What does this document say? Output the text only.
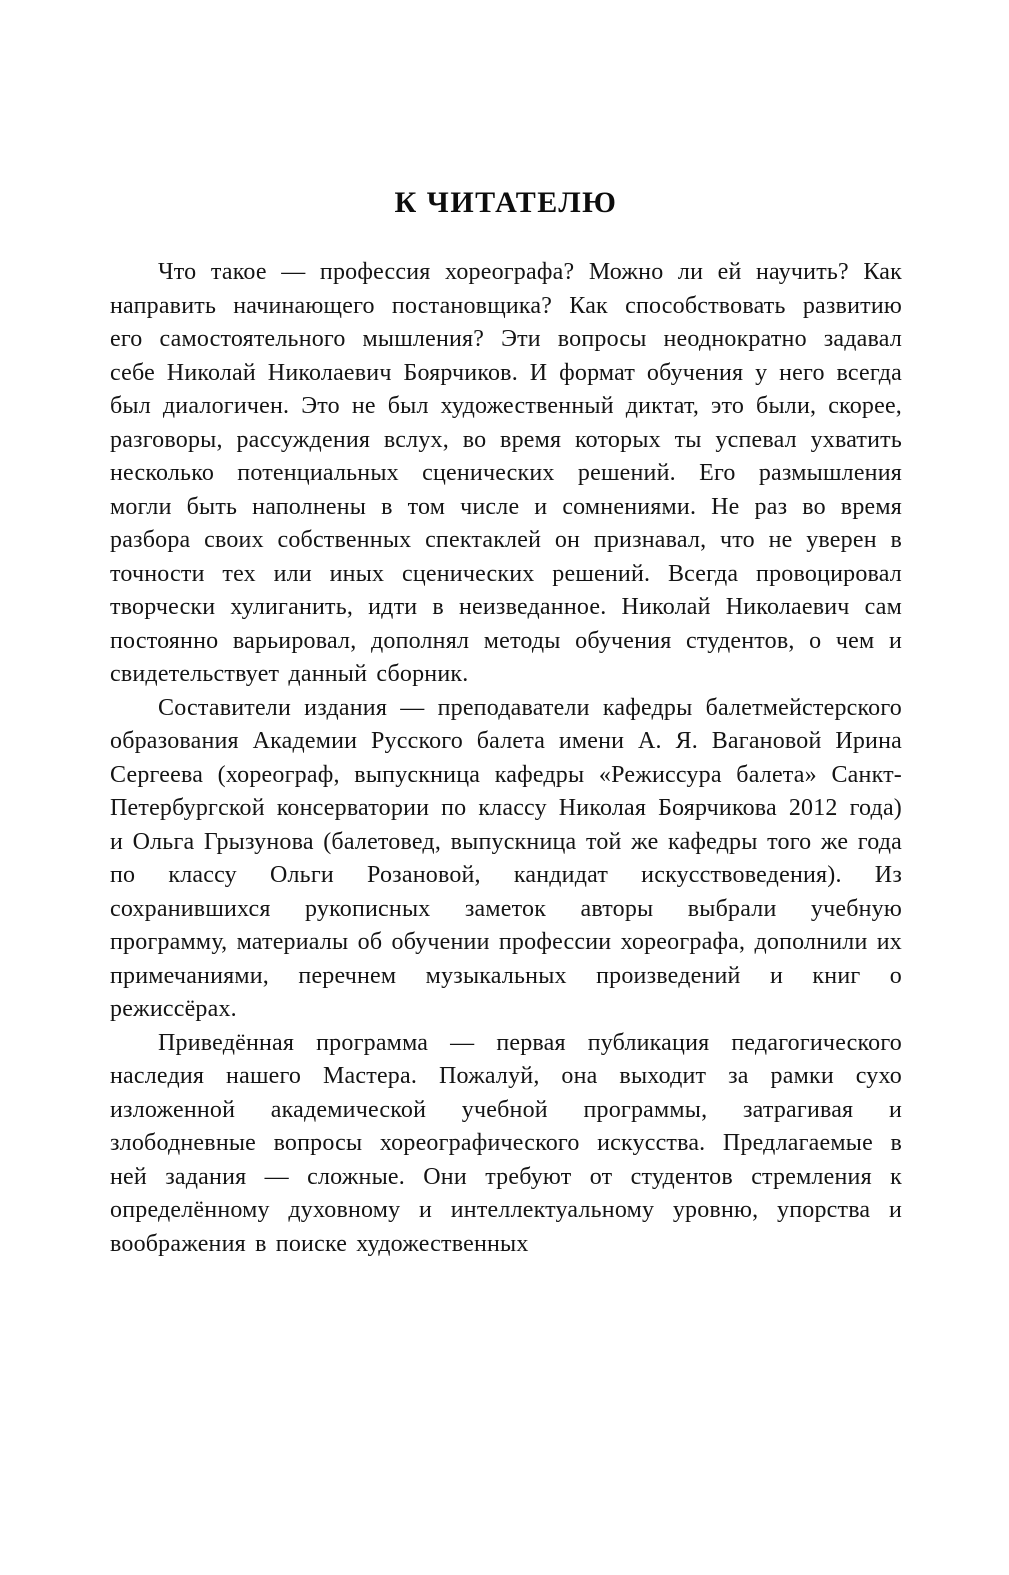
К ЧИТАТЕЛЮ

Что такое — профессия хореографа? Можно ли ей научить? Как направить начинающего постановщика? Как способствовать развитию его самостоятельного мышления? Эти вопросы неоднократно задавал себе Николай Николаевич Боярчиков. И формат обучения у него всегда был диалогичен. Это не был художественный диктат, это были, скорее, разговоры, рассуждения вслух, во время которых ты успевал ухватить несколько потенциальных сценических решений. Его размышления могли быть наполнены в том числе и сомнениями. Не раз во время разбора своих собственных спектаклей он признавал, что не уверен в точности тех или иных сценических решений. Всегда провоцировал творчески хулиганить, идти в неизведанное. Николай Николаевич сам постоянно варьировал, дополнял методы обучения студентов, о чем и свидетельствует данный сборник.

Составители издания — преподаватели кафедры балетмейстерского образования Академии Русского балета имени А. Я. Вагановой Ирина Сергеева (хореограф, выпускница кафедры «Режиссура балета» Санкт-Петербургской консерватории по классу Николая Боярчикова 2012 года) и Ольга Грызунова (балетовед, выпускница той же кафедры того же года по классу Ольги Розановой, кандидат искусствоведения). Из сохранившихся рукописных заметок авторы выбрали учебную программу, материалы об обучении профессии хореографа, дополнили их примечаниями, перечнем музыкальных произведений и книг о режиссёрах.

Приведённая программа — первая публикация педагогического наследия нашего Мастера. Пожалуй, она выходит за рамки сухо изложенной академической учебной программы, затрагивая и злободневные вопросы хореографического искусства. Предлагаемые в ней задания — сложные. Они требуют от студентов стремления к определённому духовному и интеллектуальному уровню, упорства и воображения в поиске художественных
